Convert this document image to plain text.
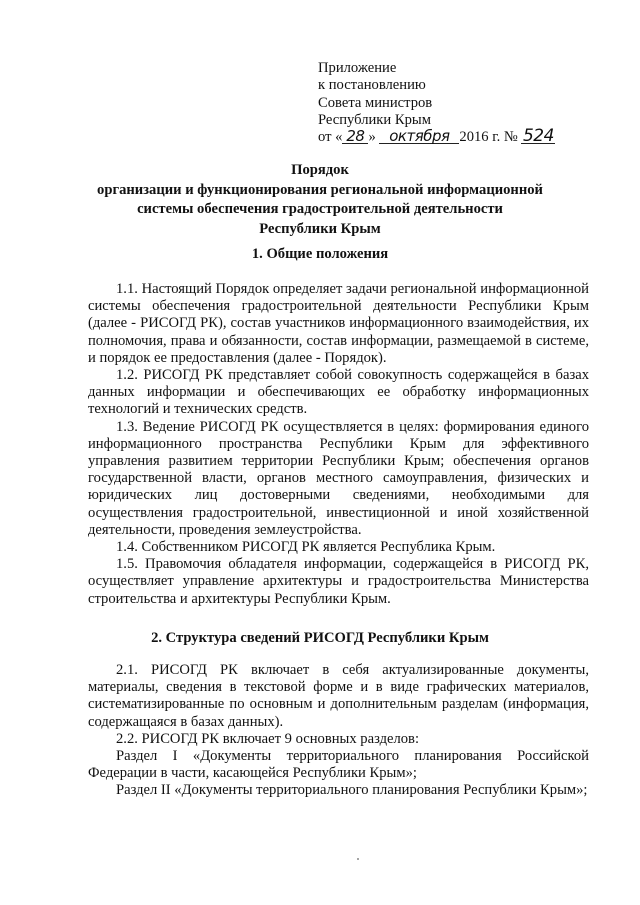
Приложение
к постановлению
Совета министров
Республики Крым
от « 28 » октября 2016 г. № 524
Порядок
организации и функционирования региональной информационной
системы обеспечения градостроительной деятельности
Республики Крым
1. Общие положения

1.1. Настоящий Порядок определяет задачи региональной информационной системы обеспечения градостроительной деятельности Республики Крым (далее - РИСОГД РК), состав участников информационного взаимодействия, их полномочия, права и обязанности, состав информации, размещаемой в системе, и порядок ее предоставления (далее - Порядок).

1.2. РИСОГД РК представляет собой совокупность содержащейся в базах данных информации и обеспечивающих ее обработку информационных технологий и технических средств.

1.3. Ведение РИСОГД РК осуществляется в целях: формирования единого информационного пространства Республики Крым для эффективного управления развитием территории Республики Крым; обеспечения органов государственной власти, органов местного самоуправления, физических и юридических лиц достоверными сведениями, необходимыми для осуществления градостроительной, инвестиционной и иной хозяйственной деятельности, проведения землеустройства.

1.4. Собственником РИСОГД РК является Республика Крым.

1.5. Правомочия обладателя информации, содержащейся в РИСОГД РК, осуществляет управление архитектуры и градостроительства Министерства строительства и архитектуры Республики Крым.

2. Структура сведений РИСОГД Республики Крым

2.1. РИСОГД РК включает в себя актуализированные документы, материалы, сведения в текстовой форме и в виде графических материалов, систематизированные по основным и дополнительным разделам (информация, содержащаяся в базах данных).

2.2. РИСОГД РК включает 9 основных разделов:

Раздел I «Документы территориального планирования Российской Федерации в части, касающейся Республики Крым»;

Раздел II «Документы территориального планирования Республики Крым»;
